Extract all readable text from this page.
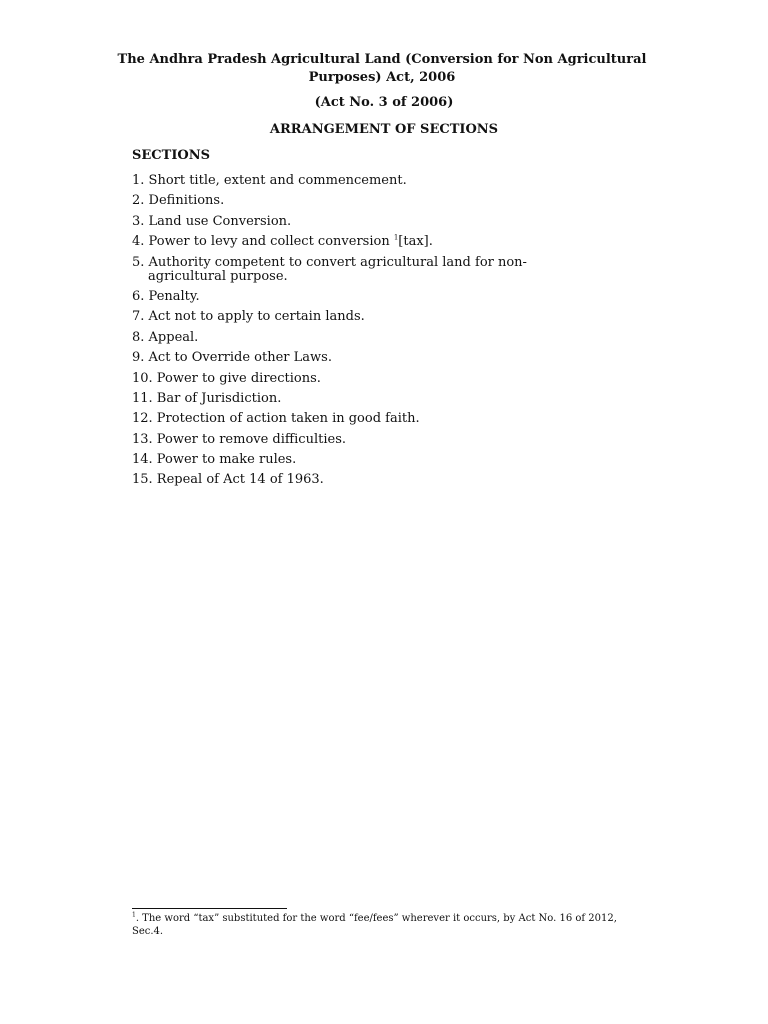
The Andhra Pradesh Agricultural Land (Conversion for Non Agricultural Purposes) Act, 2006
(Act No. 3 of 2006)
ARRANGEMENT OF SECTIONS
SECTIONS
1. Short title, extent and commencement.
2. Definitions.
3. Land use Conversion.
4. Power to levy and collect conversion $^1$[tax].
5. Authority competent to convert agricultural land for non-agricultural purpose.
6. Penalty.
7. Act not to apply to certain lands.
8. Appeal.
9. Act to Override other Laws.
10. Power to give directions.
11. Bar of Jurisdiction.
12. Protection of action taken in good faith.
13. Power to remove difficulties.
14. Power to make rules.
15. Repeal of Act 14 of 1963.
$^1$. The word “tax” substituted for the word “fee/fees” wherever it occurs, by Act No. 16 of 2012, Sec.4.
